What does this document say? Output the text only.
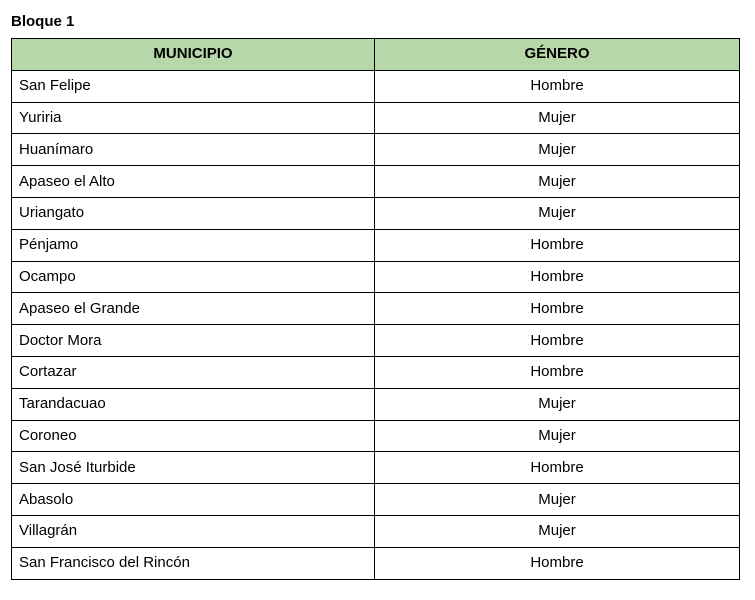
Bloque 1
MUNICIPIO	GÉNERO
San Felipe	Hombre
Yuriria	Mujer
Huanímaro	Mujer
Apaseo el Alto	Mujer
Uriangato	Mujer
Pénjamo	Hombre
Ocampo	Hombre
Apaseo el Grande	Hombre
Doctor Mora	Hombre
Cortazar	Hombre
Tarandacuao	Mujer
Coroneo	Mujer
San José Iturbide	Hombre
Abasolo	Mujer
Villagrán	Mujer
San Francisco del Rincón	Hombre
